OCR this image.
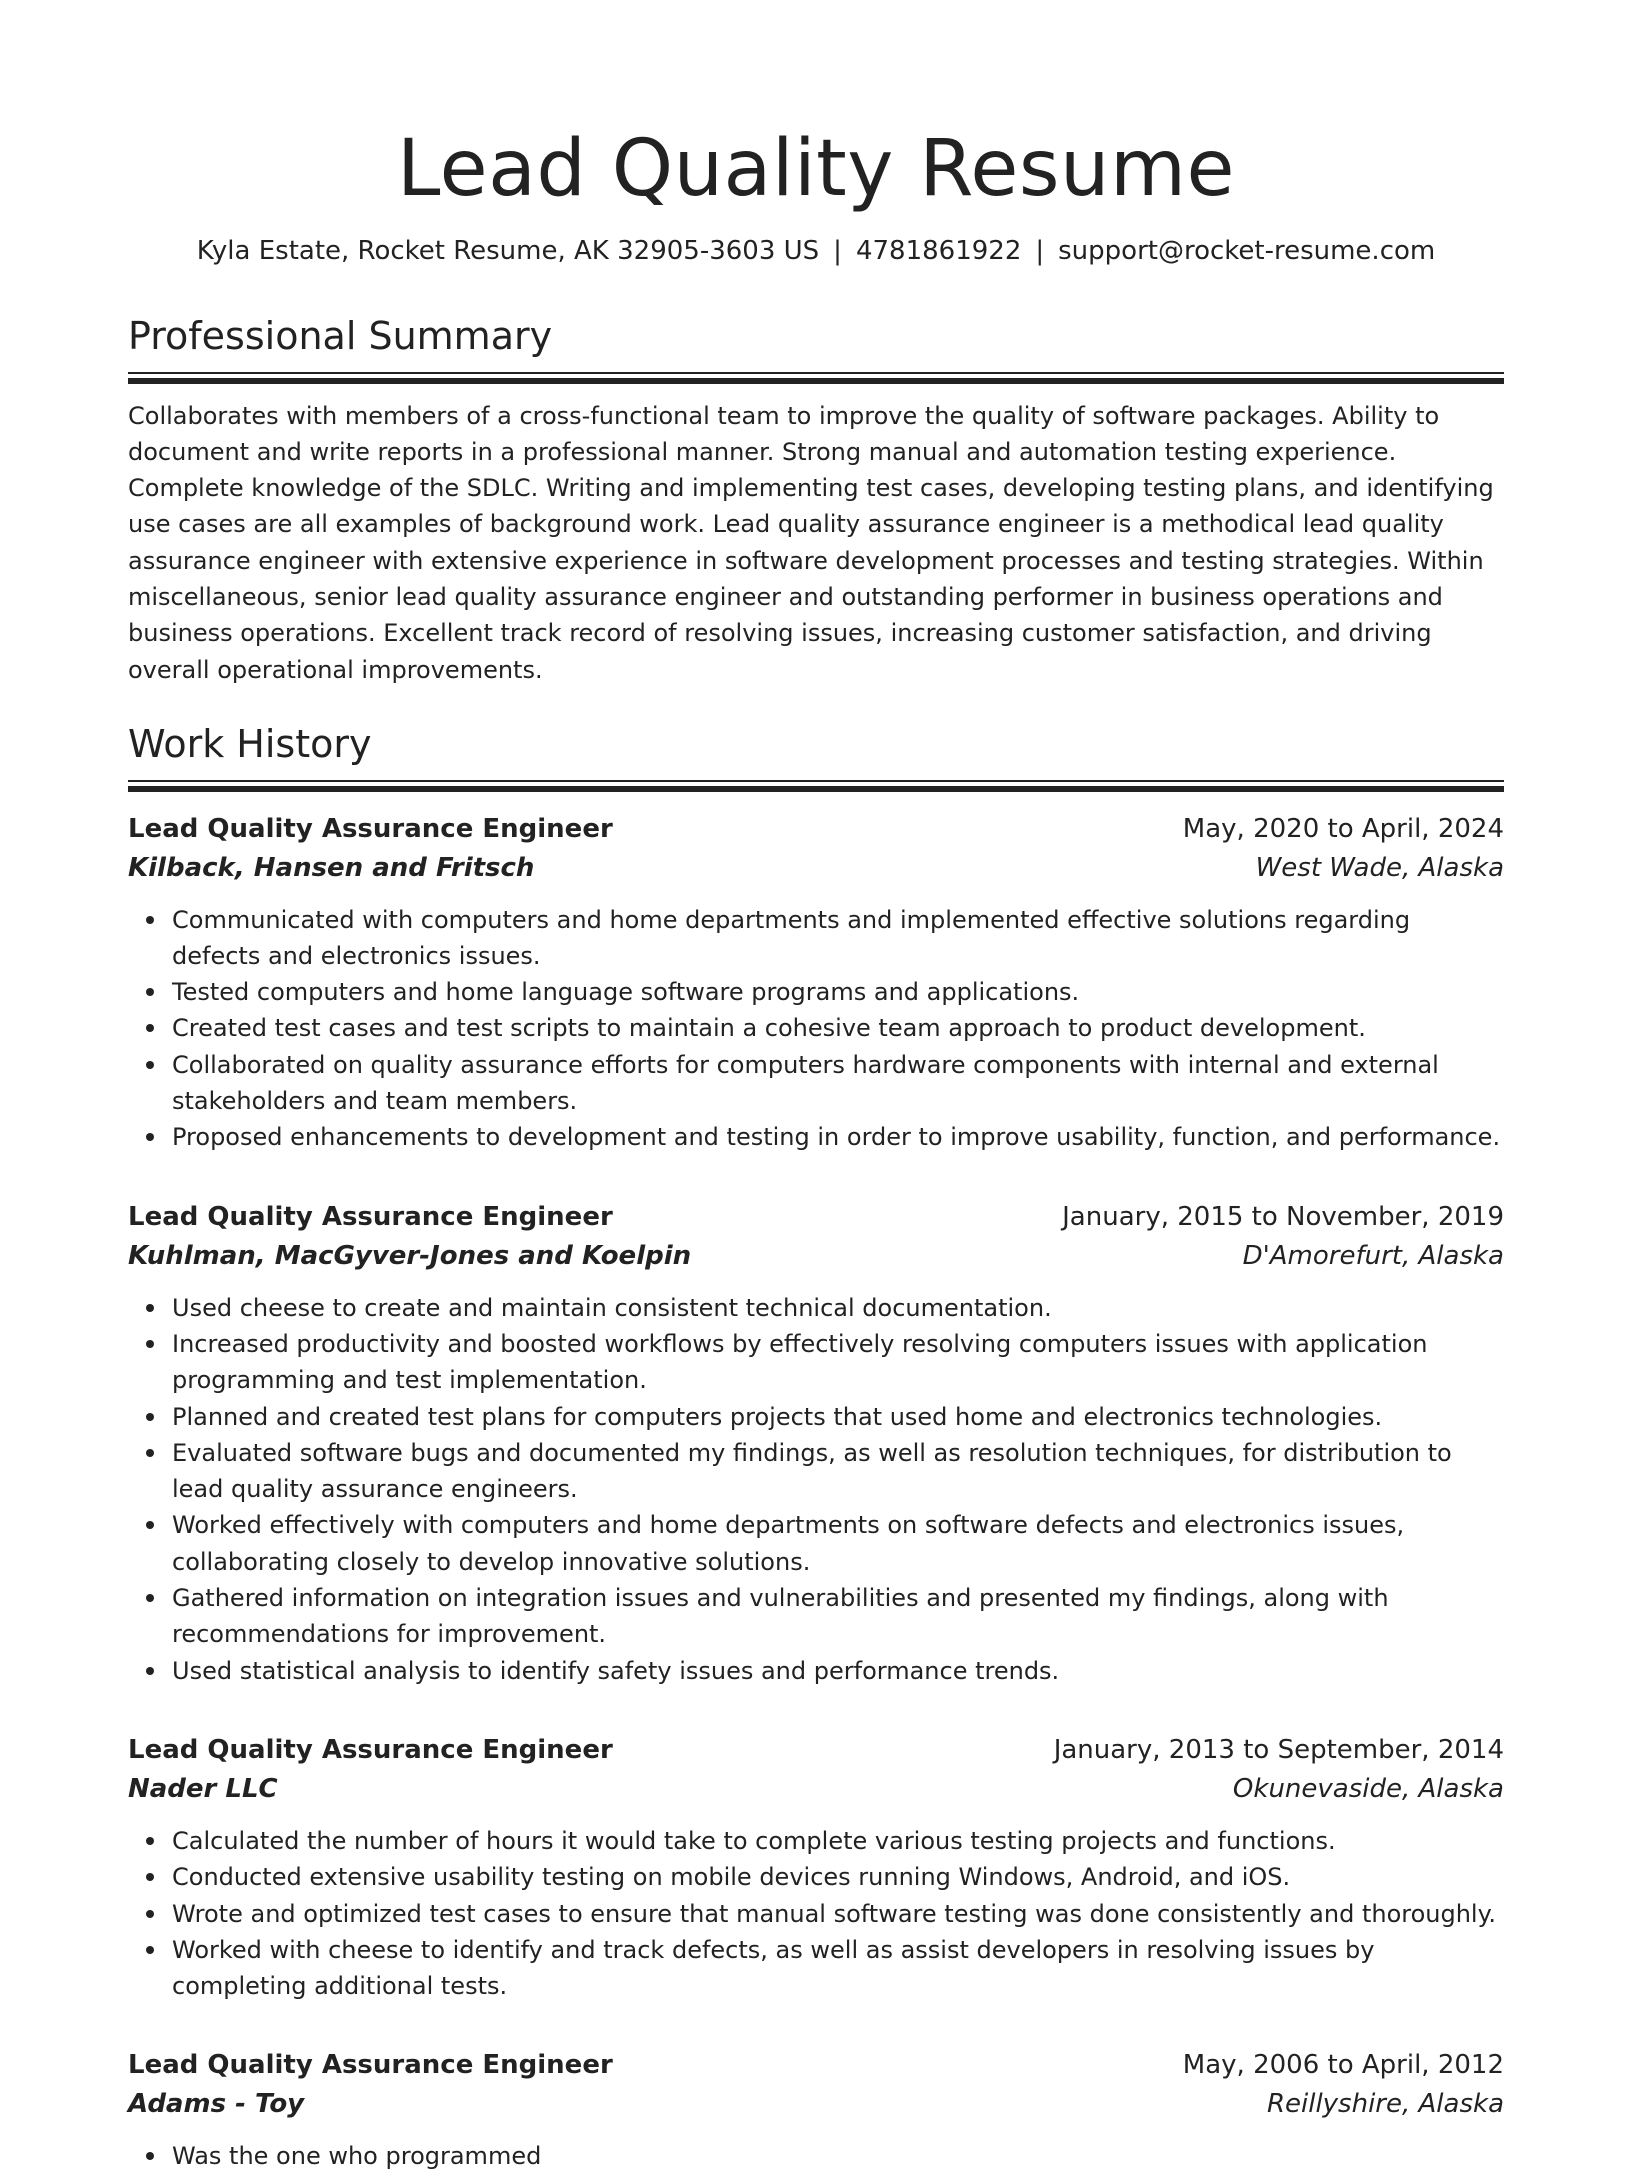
Lead Quality Resume
Kyla Estate, Rocket Resume, AK 32905-3603 US | 4781861922 | support@rocket-resume.com
Professional Summary

Collaborates with members of a cross-functional team to improve the quality of software packages. Ability to document and write reports in a professional manner. Strong manual and automation testing experience. Complete knowledge of the SDLC. Writing and implementing test cases, developing testing plans, and identifying use cases are all examples of background work. Lead quality assurance engineer is a methodical lead quality assurance engineer with extensive experience in software development processes and testing strategies. Within miscellaneous, senior lead quality assurance engineer and outstanding performer in business operations and business operations. Excellent track record of resolving issues, increasing customer satisfaction, and driving overall operational improvements.

Work History
Lead Quality Assurance Engineer	May, 2020 to April, 2024
Kilback, Hansen and Fritsch	West Wade, Alaska
Communicated with computers and home departments and implemented effective solutions regarding defects and electronics issues.
Tested computers and home language software programs and applications.
Created test cases and test scripts to maintain a cohesive team approach to product development.
Collaborated on quality assurance efforts for computers hardware components with internal and external stakeholders and team members.
Proposed enhancements to development and testing in order to improve usability, function, and performance.
Lead Quality Assurance Engineer	January, 2015 to November, 2019
Kuhlman, MacGyver-Jones and Koelpin	D'Amorefurt, Alaska
Used cheese to create and maintain consistent technical documentation.
Increased productivity and boosted workflows by effectively resolving computers issues with application programming and test implementation.
Planned and created test plans for computers projects that used home and electronics technologies.
Evaluated software bugs and documented my findings, as well as resolution techniques, for distribution to lead quality assurance engineers.
Worked effectively with computers and home departments on software defects and electronics issues, collaborating closely to develop innovative solutions.
Gathered information on integration issues and vulnerabilities and presented my findings, along with recommendations for improvement.
Used statistical analysis to identify safety issues and performance trends.
Lead Quality Assurance Engineer	January, 2013 to September, 2014
Nader LLC	Okunevaside, Alaska
Calculated the number of hours it would take to complete various testing projects and functions.
Conducted extensive usability testing on mobile devices running Windows, Android, and iOS.
Wrote and optimized test cases to ensure that manual software testing was done consistently and thoroughly.
Worked with cheese to identify and track defects, as well as assist developers in resolving issues by completing additional tests.
Lead Quality Assurance Engineer	May, 2006 to April, 2012
Adams - Toy	Reillyshire, Alaska
Was the one who programmed
